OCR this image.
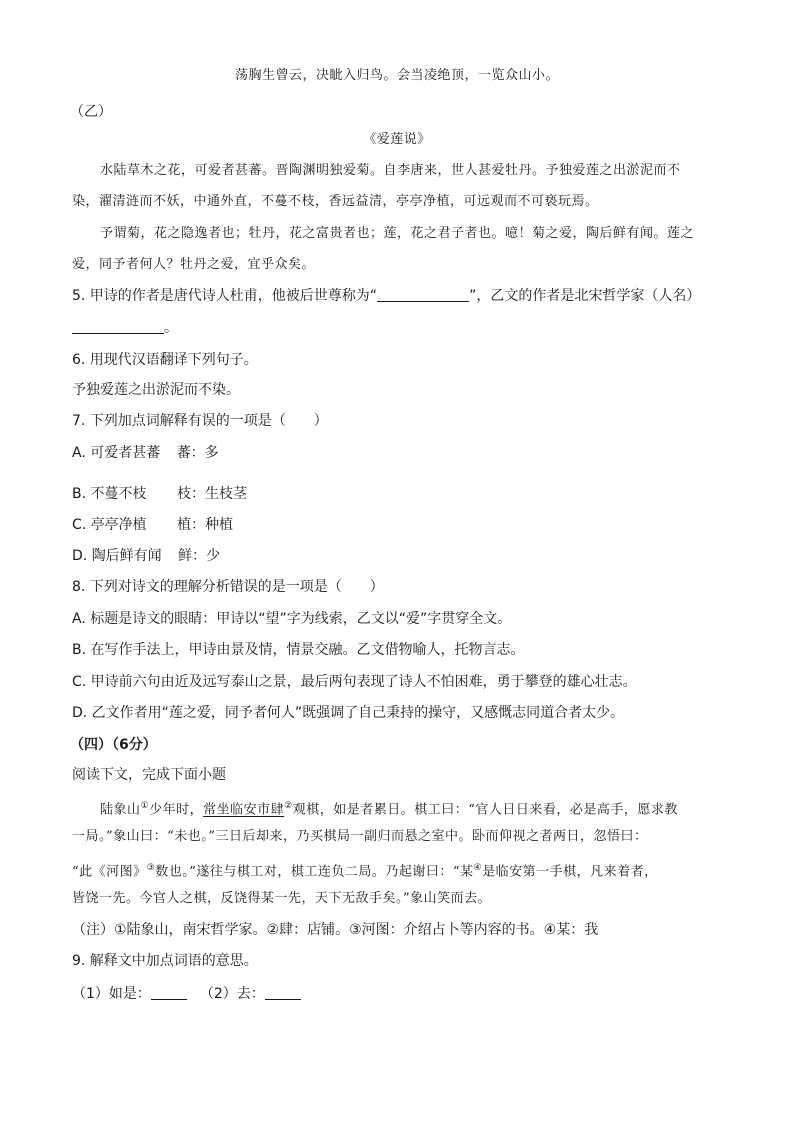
荡胸生曾云，决眦入归鸟。会当凌绝顶，一览众山小。
（乙）
《爱莲说》
水陆草木之花，可爱者甚蕃。晋陶渊明独爱菊。自李唐来，世人甚爱牡丹。予独爱莲之出淤泥而不
染，濯清涟而不妖，中通外直，不蔓不枝，香远益清，亭亭净植，可远观而不可亵玩焉。
予谓菊，花之隐逸者也；牡丹，花之富贵者也；莲，花之君子者也。噫！菊之爱，陶后鲜有闻。莲之
爱，同予者何人？牡丹之爱，宜乎众矣。
5. 甲诗的作者是唐代诗人杜甫，他被后世尊称为“	”，乙文的作者是北宋哲学家（人名）
。
6. 用现代汉语翻译下列句子。
予独爱莲之出淤泥而不染。
7. 下列加点词解释有误的一项是（　　）
A. 可爱者甚蕃 蕃：多
B. 不蔓不枝 枝：生枝茎
C. 亭亭净植 植：种植
D. 陶后鲜有闻 鲜：少
8. 下列对诗文的理解分析错误的是一项是（　　）
A. 标题是诗文的眼睛：甲诗以“望”字为线索，乙文以“爱”字贯穿全文。
B. 在写作手法上，甲诗由景及情，情景交融。乙文借物喻人，托物言志。
C. 甲诗前六句由近及远写泰山之景，最后两句表现了诗人不怕困难，勇于攀登的雄心壮志。
D. 乙文作者用“莲之爱，同予者何人”既强调了自己秉持的操守，又感慨志同道合者太少。
（四）（6分）
阅读下文，完成下面小题
陆象山①少年时，常坐临安市肆②观棋，如是者累日。棋工曰：“官人日日来看，必是高手，愿求教
一局。”象山曰：“未也。”三日后却来，乃买棋局一副归而悬之室中。卧而仰视之者两日，忽悟曰：
“此《河图》③数也。”遂往与棋工对，棋工连负二局。乃起谢曰：“某④是临安第一手棋，凡来着者，
皆饶一先。今官人之棋，反饶得某一先，天下无敌手矣。”象山笑而去。
（注）①陆象山，南宋哲学家。②肆：店铺。③河图：介绍占卜等内容的书。④某：我
9. 解释文中加点词语的意思。
（1）如是：	（2）去：
